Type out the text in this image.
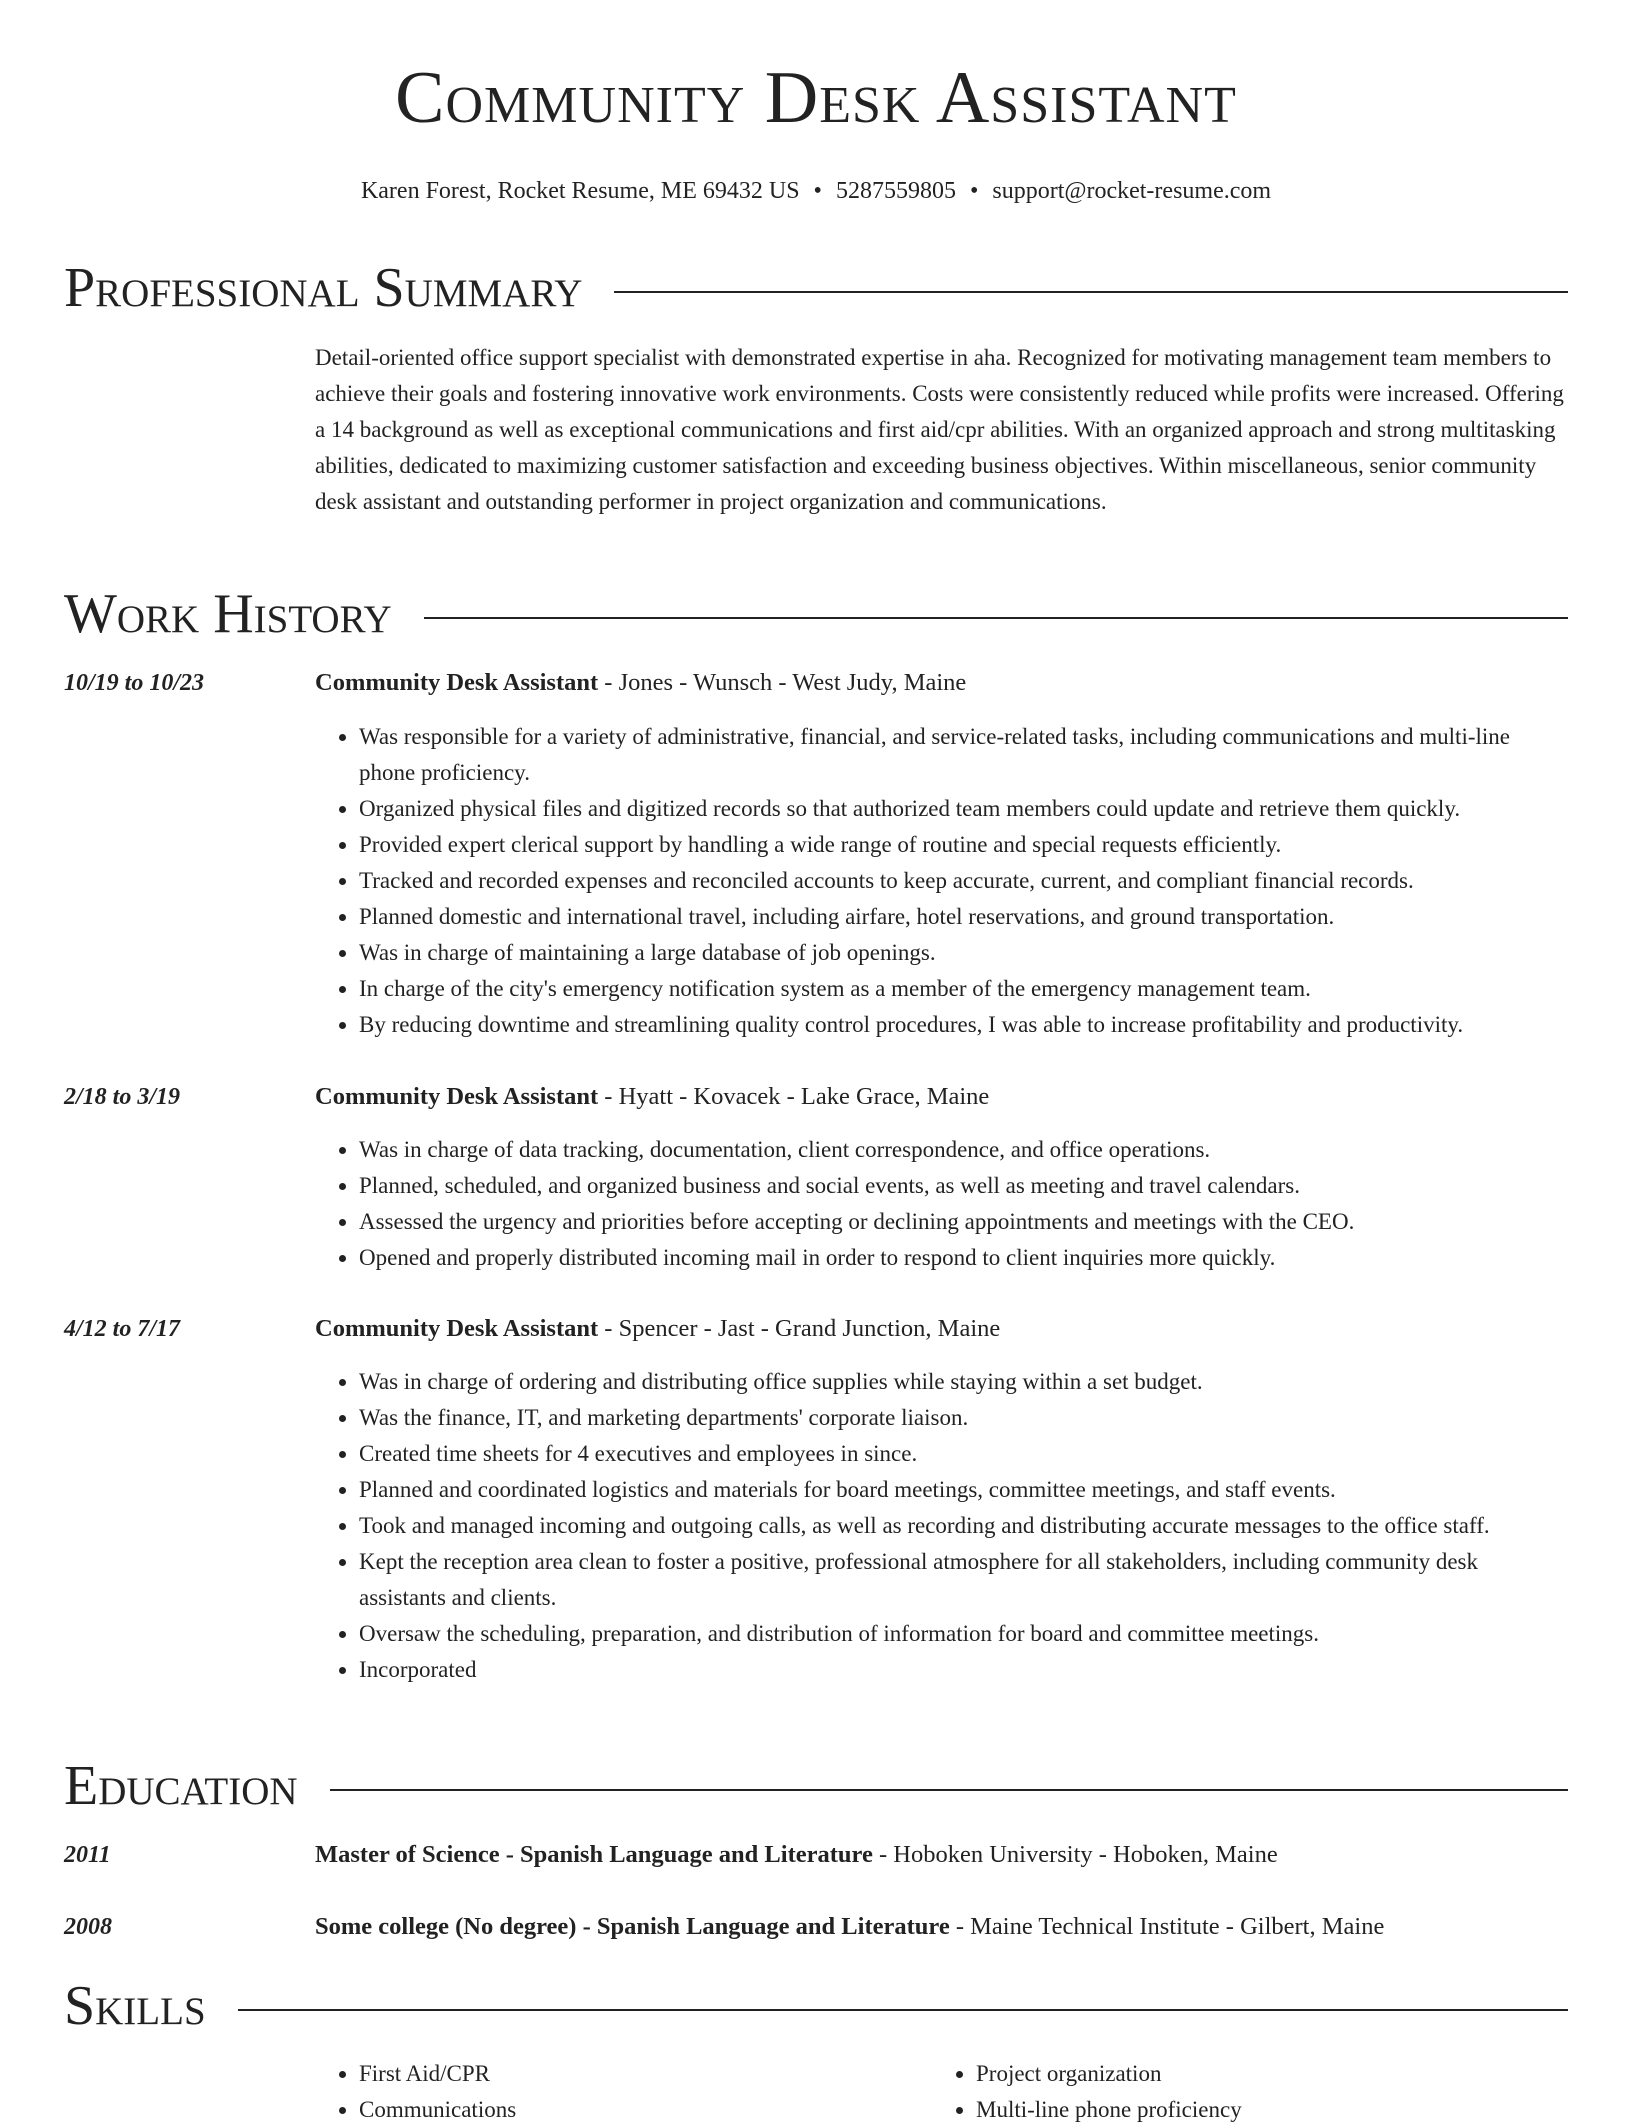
Community Desk Assistant
Karen Forest, Rocket Resume, ME 69432 US • 5287559805 • support@rocket-resume.com
Professional Summary

Detail-oriented office support specialist with demonstrated expertise in aha. Recognized for motivating management team members to achieve their goals and fostering innovative work environments. Costs were consistently reduced while profits were increased. Offering a 14 background as well as exceptional communications and first aid/cpr abilities. With an organized approach and strong multitasking abilities, dedicated to maximizing customer satisfaction and exceeding business objectives. Within miscellaneous, senior community desk assistant and outstanding performer in project organization and communications.

Work History
10/19 to 10/23	Community Desk Assistant - Jones - Wunsch - West Judy, Maine
• Was responsible for a variety of administrative, financial, and service-related tasks, including communications and multi-line phone proficiency.
• Organized physical files and digitized records so that authorized team members could update and retrieve them quickly.
• Provided expert clerical support by handling a wide range of routine and special requests efficiently.
• Tracked and recorded expenses and reconciled accounts to keep accurate, current, and compliant financial records.
• Planned domestic and international travel, including airfare, hotel reservations, and ground transportation.
• Was in charge of maintaining a large database of job openings.
• In charge of the city's emergency notification system as a member of the emergency management team.
• By reducing downtime and streamlining quality control procedures, I was able to increase profitability and productivity.
2/18 to 3/19	Community Desk Assistant - Hyatt - Kovacek - Lake Grace, Maine
• Was in charge of data tracking, documentation, client correspondence, and office operations.
• Planned, scheduled, and organized business and social events, as well as meeting and travel calendars.
• Assessed the urgency and priorities before accepting or declining appointments and meetings with the CEO.
• Opened and properly distributed incoming mail in order to respond to client inquiries more quickly.
4/12 to 7/17	Community Desk Assistant - Spencer - Jast - Grand Junction, Maine
• Was in charge of ordering and distributing office supplies while staying within a set budget.
• Was the finance, IT, and marketing departments' corporate liaison.
• Created time sheets for 4 executives and employees in since.
• Planned and coordinated logistics and materials for board meetings, committee meetings, and staff events.
• Took and managed incoming and outgoing calls, as well as recording and distributing accurate messages to the office staff.
• Kept the reception area clean to foster a positive, professional atmosphere for all stakeholders, including community desk assistants and clients.
• Oversaw the scheduling, preparation, and distribution of information for board and committee meetings.
• Incorporated
Education
2011	Master of Science - Spanish Language and Literature - Hoboken University - Hoboken, Maine
2008	Some college (No degree) - Spanish Language and Literature - Maine Technical Institute - Gilbert, Maine
Skills
• First Aid/CPR
• Communications
• Project organization
• Multi-line phone proficiency
